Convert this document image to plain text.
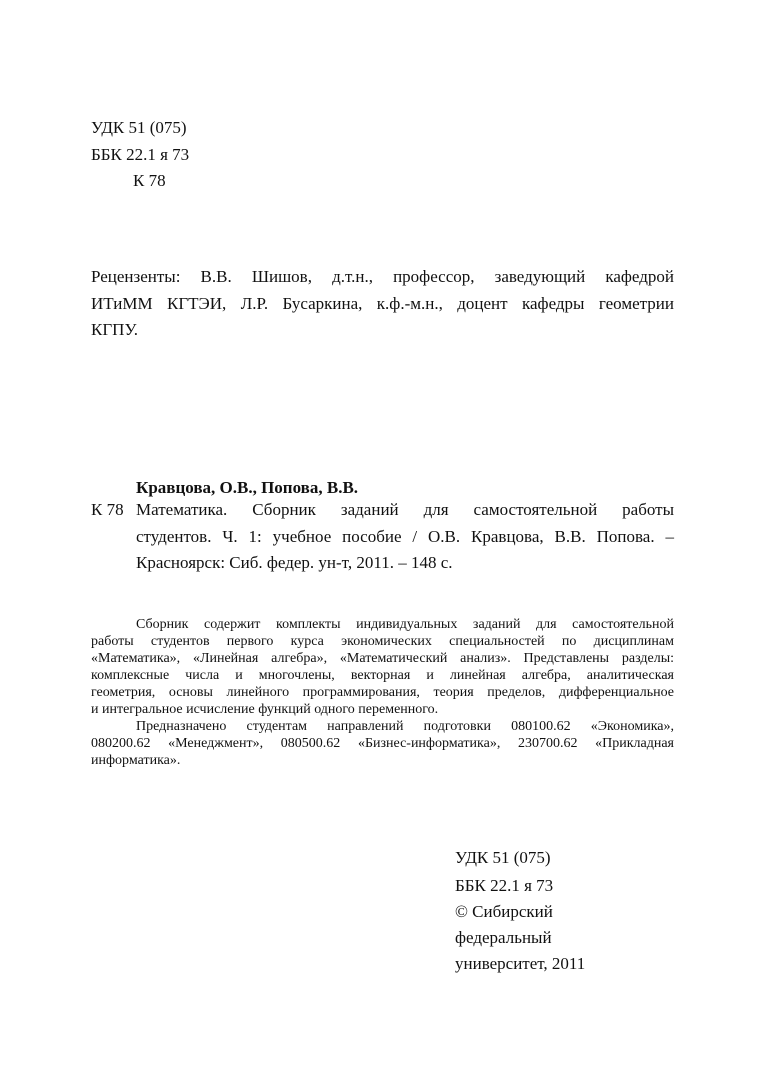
УДК 51 (075)
ББК 22.1 я 73
К 78
Рецензенты: В.В. Шишов, д.т.н., профессор, заведующий кафедрой
ИТиММ КГТЭИ, Л.Р. Бусаркина, к.ф.-м.н., доцент кафедры геометрии
КГПУ.
Кравцова, О.В., Попова, В.В.
К 78 Математика. Сборник заданий для самостоятельной работы
студентов. Ч. 1: учебное пособие / О.В. Кравцова, В.В. Попова. –
Красноярск: Сиб. федер. ун-т, 2011. – 148 с.
Сборник содержит комплекты индивидуальных заданий для самостоятельной
работы студентов первого курса экономических специальностей по дисциплинам
«Математика», «Линейная алгебра», «Математический анализ». Представлены разделы:
комплексные числа и многочлены, векторная и линейная алгебра, аналитическая
геометрия, основы линейного программирования, теория пределов, дифференциальное
и интегральное исчисление функций одного переменного.
Предназначено студентам направлений подготовки 080100.62 «Экономика»,
080200.62 «Менеджмент», 080500.62 «Бизнес-информатика», 230700.62 «Прикладная
информатика».
УДК 51 (075)
ББК 22.1 я 73
© Сибирский
федеральный
университет, 2011
